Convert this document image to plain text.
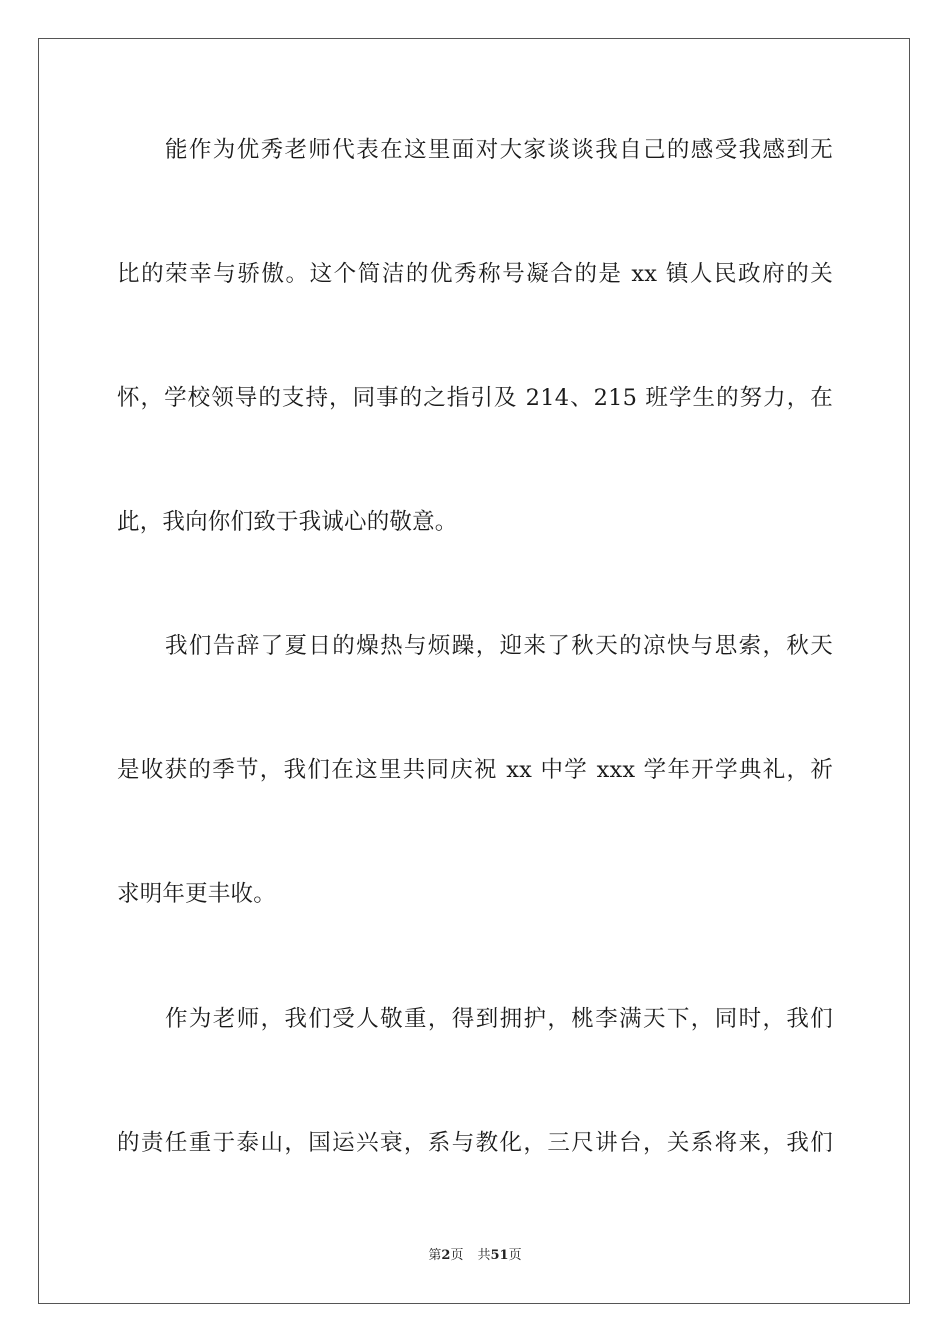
能作为优秀老师代表在这里面对大家谈谈我自己的感受我感到无
比的荣幸与骄傲。这个简洁的优秀称号凝合的是 xx 镇人民政府的关
怀，学校领导的支持，同事的之指引及 214、215 班学生的努力，在
此，我向你们致于我诚心的敬意。
我们告辞了夏日的燥热与烦躁，迎来了秋天的凉快与思索，秋天
是收获的季节，我们在这里共同庆祝 xx 中学 xxx 学年开学典礼，祈
求明年更丰收。
作为老师，我们受人敬重，得到拥护，桃李满天下，同时，我们
的责任重于泰山，国运兴衰，系与教化，三尺讲台，关系将来，我们
第2页 共51页
